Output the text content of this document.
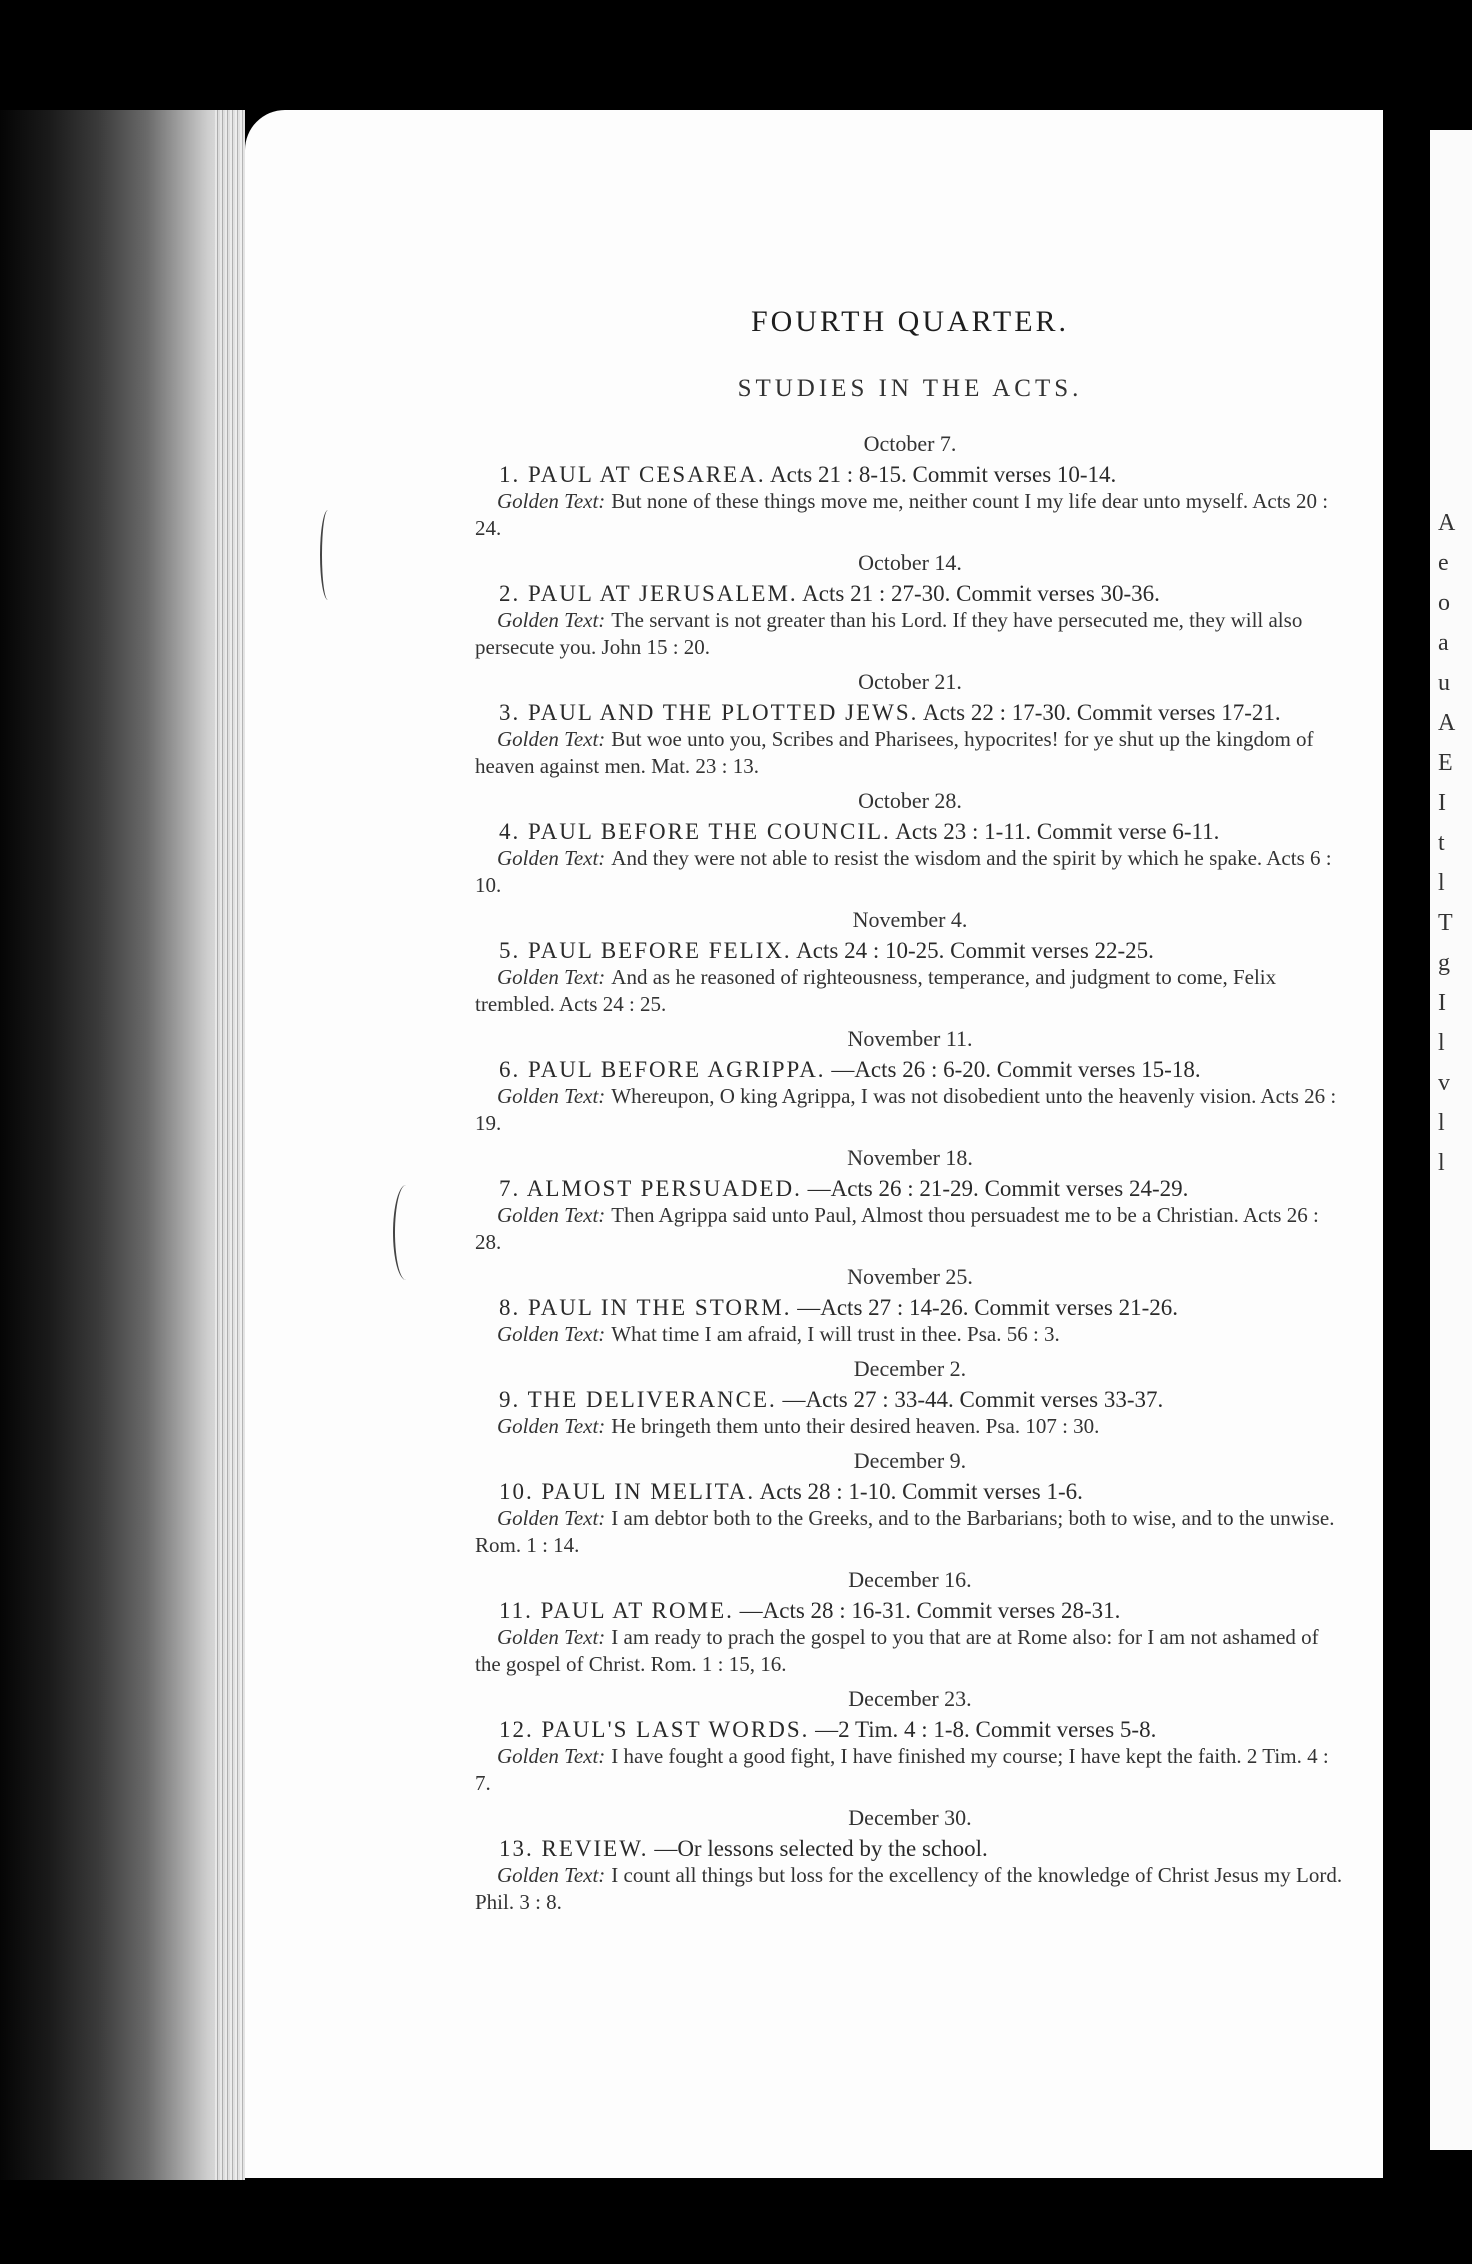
FOURTH QUARTER.
STUDIES IN THE ACTS.
October 7.

1. PAUL AT CESAREA. Acts 21 : 8-15. Commit verses 10-14.

Golden Text: But none of these things move me, neither count I my life dear unto myself. Acts 20 : 24.

October 14.

2. PAUL AT JERUSALEM. Acts 21 : 27-30. Commit verses 30-36.

Golden Text: The servant is not greater than his Lord. If they have persecuted me, they will also persecute you. John 15 : 20.

October 21.

3. PAUL AND THE PLOTTED JEWS. Acts 22 : 17-30. Commit verses 17-21.

Golden Text: But woe unto you, Scribes and Pharisees, hypocrites! for ye shut up the kingdom of heaven against men. Mat. 23 : 13.

October 28.

4. PAUL BEFORE THE COUNCIL. Acts 23 : 1-11. Commit verse 6-11.

Golden Text: And they were not able to resist the wisdom and the spirit by which he spake. Acts 6 : 10.

November 4.

5. PAUL BEFORE FELIX. Acts 24 : 10-25. Commit verses 22-25.

Golden Text: And as he reasoned of righteousness, temperance, and judgment to come, Felix trembled. Acts 24 : 25.

November 11.

6. PAUL BEFORE AGRIPPA. —Acts 26 : 6-20. Commit verses 15-18.

Golden Text: Whereupon, O king Agrippa, I was not disobedient unto the heavenly vision. Acts 26 : 19.

November 18.

7. ALMOST PERSUADED. —Acts 26 : 21-29. Commit verses 24-29.

Golden Text: Then Agrippa said unto Paul, Almost thou persuadest me to be a Christian. Acts 26 : 28.

November 25.

8. PAUL IN THE STORM. —Acts 27 : 14-26. Commit verses 21-26.

Golden Text: What time I am afraid, I will trust in thee. Psa. 56 : 3.

December 2.

9. THE DELIVERANCE. —Acts 27 : 33-44. Commit verses 33-37.

Golden Text: He bringeth them unto their desired heaven. Psa. 107 : 30.

December 9.

10. PAUL IN MELITA. Acts 28 : 1-10. Commit verses 1-6.

Golden Text: I am debtor both to the Greeks, and to the Barbarians; both to wise, and to the unwise. Rom. 1 : 14.

December 16.

11. PAUL AT ROME. —Acts 28 : 16-31. Commit verses 28-31.

Golden Text: I am ready to prach the gospel to you that are at Rome also: for I am not ashamed of the gospel of Christ. Rom. 1 : 15, 16.

December 23.

12. PAUL'S LAST WORDS. —2 Tim. 4 : 1-8. Commit verses 5-8.

Golden Text: I have fought a good fight, I have finished my course; I have kept the faith. 2 Tim. 4 : 7.

December 30.

13. REVIEW. —Or lessons selected by the school.

Golden Text: I count all things but loss for the excellency of the knowledge of Christ Jesus my Lord. Phil. 3 : 8.

A
e
o
a
u
A
E
I
t
l
T
g
I
l
v
l
l
